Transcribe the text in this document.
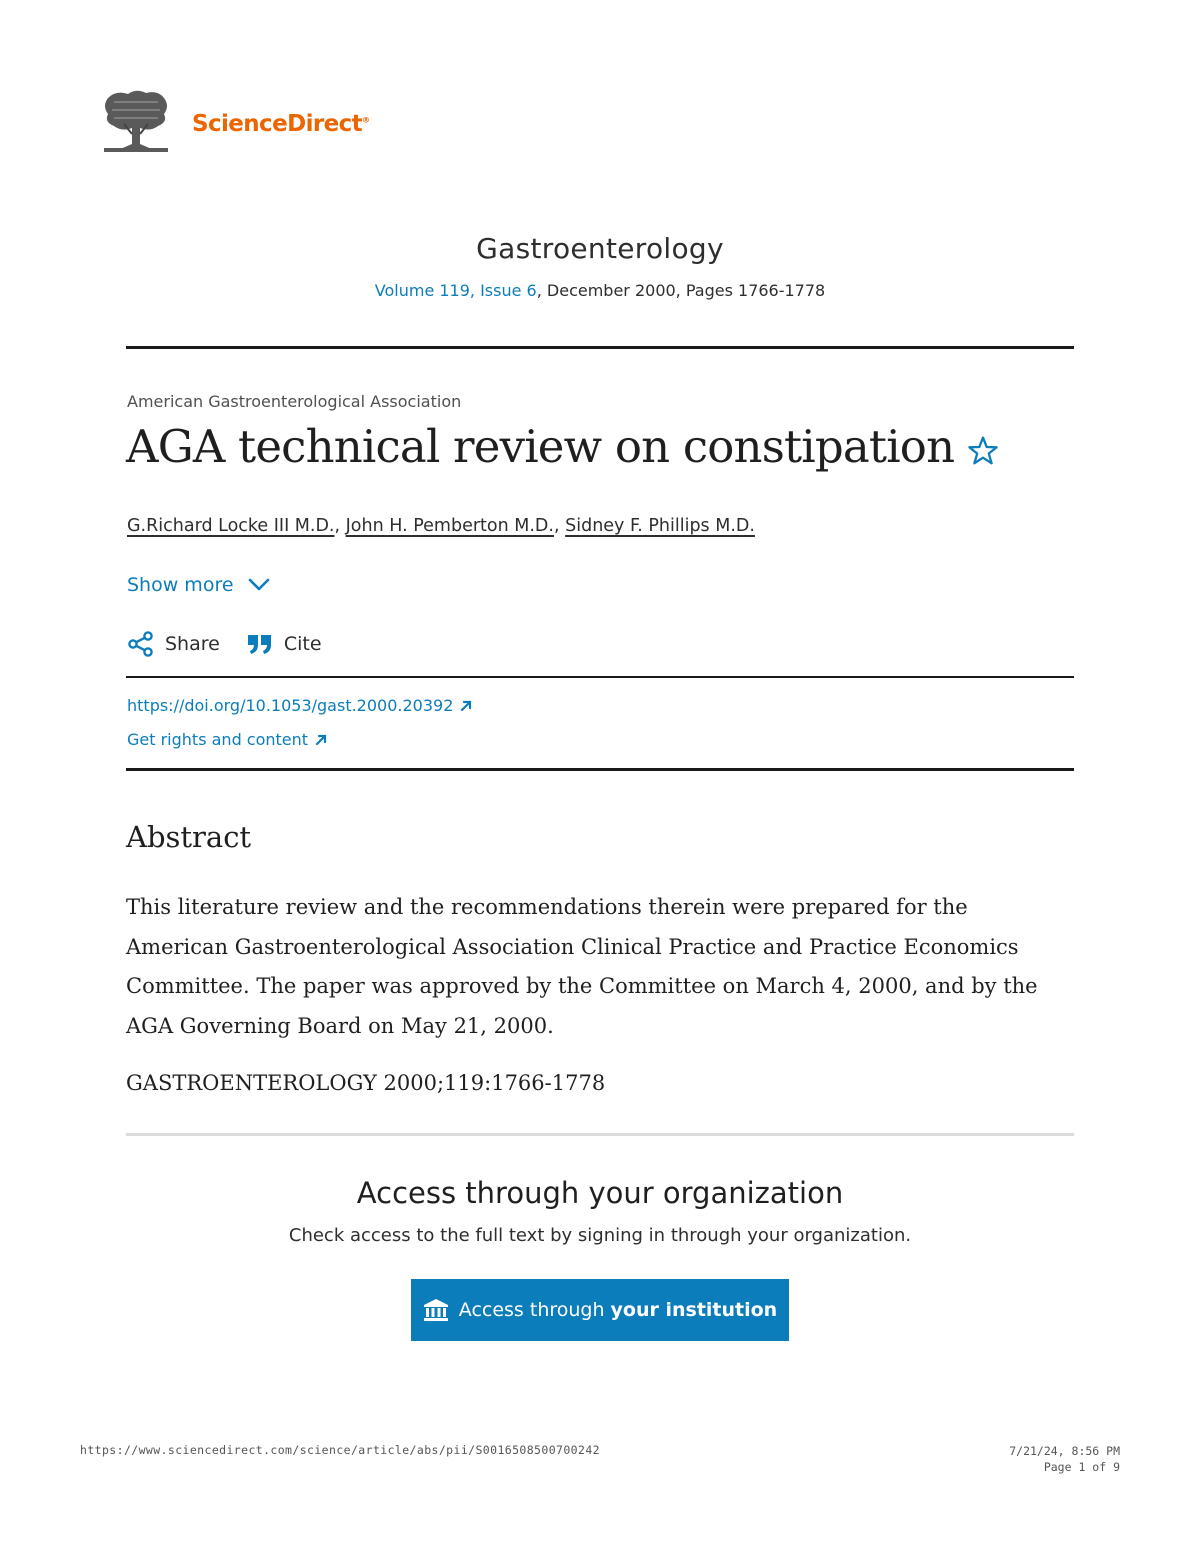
ScienceDirect®
Gastroenterology
Volume 119, Issue 6, December 2000, Pages 1766-1778
American Gastroenterological Association
AGA technical review on constipation
G.Richard Locke III M.D., John H. Pemberton M.D., Sidney F. Phillips M.D.
Show more
Share	Cite
https://doi.org/10.1053/gast.2000.20392
Get rights and content
Abstract
This literature review and the recommendations therein were prepared for the American Gastroenterological Association Clinical Practice and Practice Economics Committee. The paper was approved by the Committee on March 4, 2000, and by the AGA Governing Board on May 21, 2000.
GASTROENTEROLOGY 2000;119:1766-1778
Access through your organization
Check access to the full text by signing in through your organization.
Access through your institution
https://www.sciencedirect.com/science/article/abs/pii/S0016508500700242	7/21/24, 8:56 PM
Page 1 of 9
